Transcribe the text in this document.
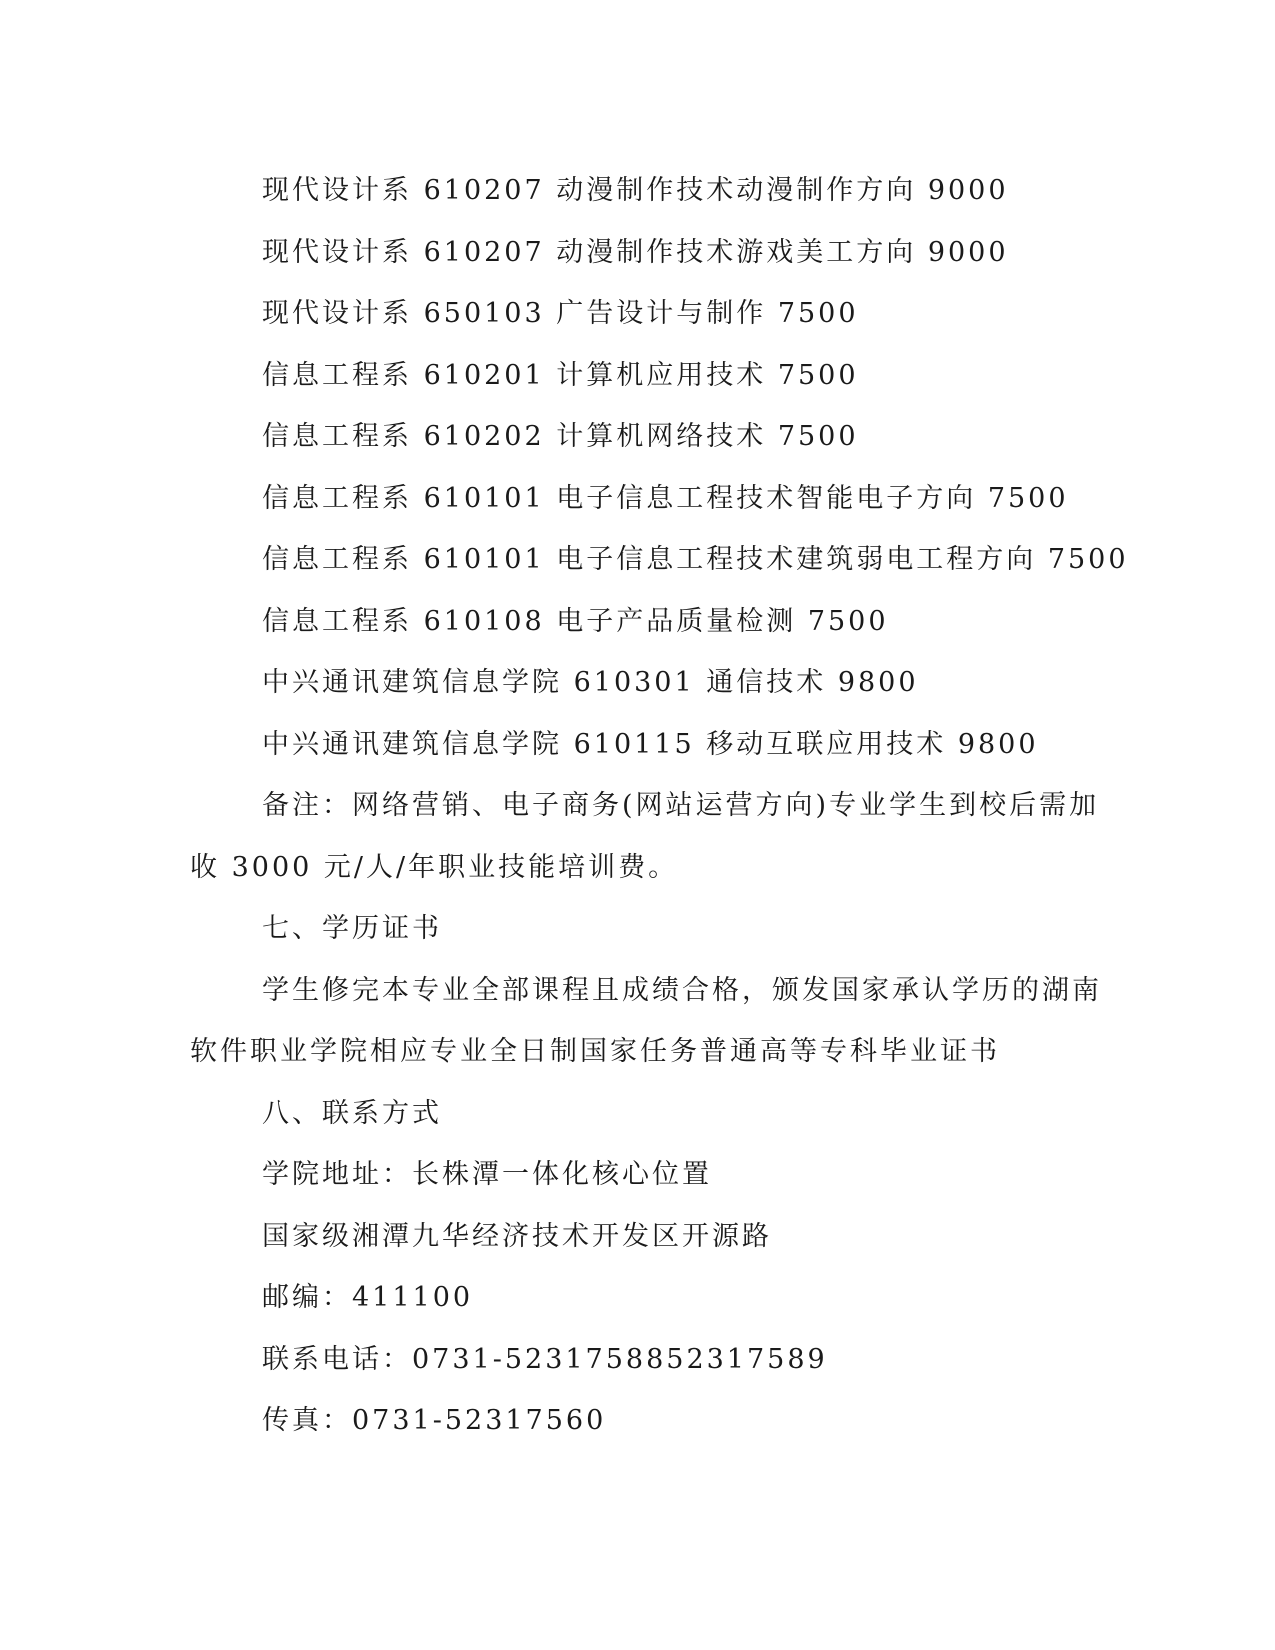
现代设计系 610207 动漫制作技术动漫制作方向 9000
现代设计系 610207 动漫制作技术游戏美工方向 9000
现代设计系 650103 广告设计与制作 7500
信息工程系 610201 计算机应用技术 7500
信息工程系 610202 计算机网络技术 7500
信息工程系 610101 电子信息工程技术智能电子方向 7500
信息工程系 610101 电子信息工程技术建筑弱电工程方向 7500
信息工程系 610108 电子产品质量检测 7500
中兴通讯建筑信息学院 610301 通信技术 9800
中兴通讯建筑信息学院 610115 移动互联应用技术 9800
备注：网络营销、电子商务(网站运营方向)专业学生到校后需加
收 3000 元/人/年职业技能培训费。
七、学历证书
学生修完本专业全部课程且成绩合格，颁发国家承认学历的湖南
软件职业学院相应专业全日制国家任务普通高等专科毕业证书
八、联系方式
学院地址：长株潭一体化核心位置
国家级湘潭九华经济技术开发区开源路
邮编：411100
联系电话：0731-5231758852317589
传真：0731-52317560
